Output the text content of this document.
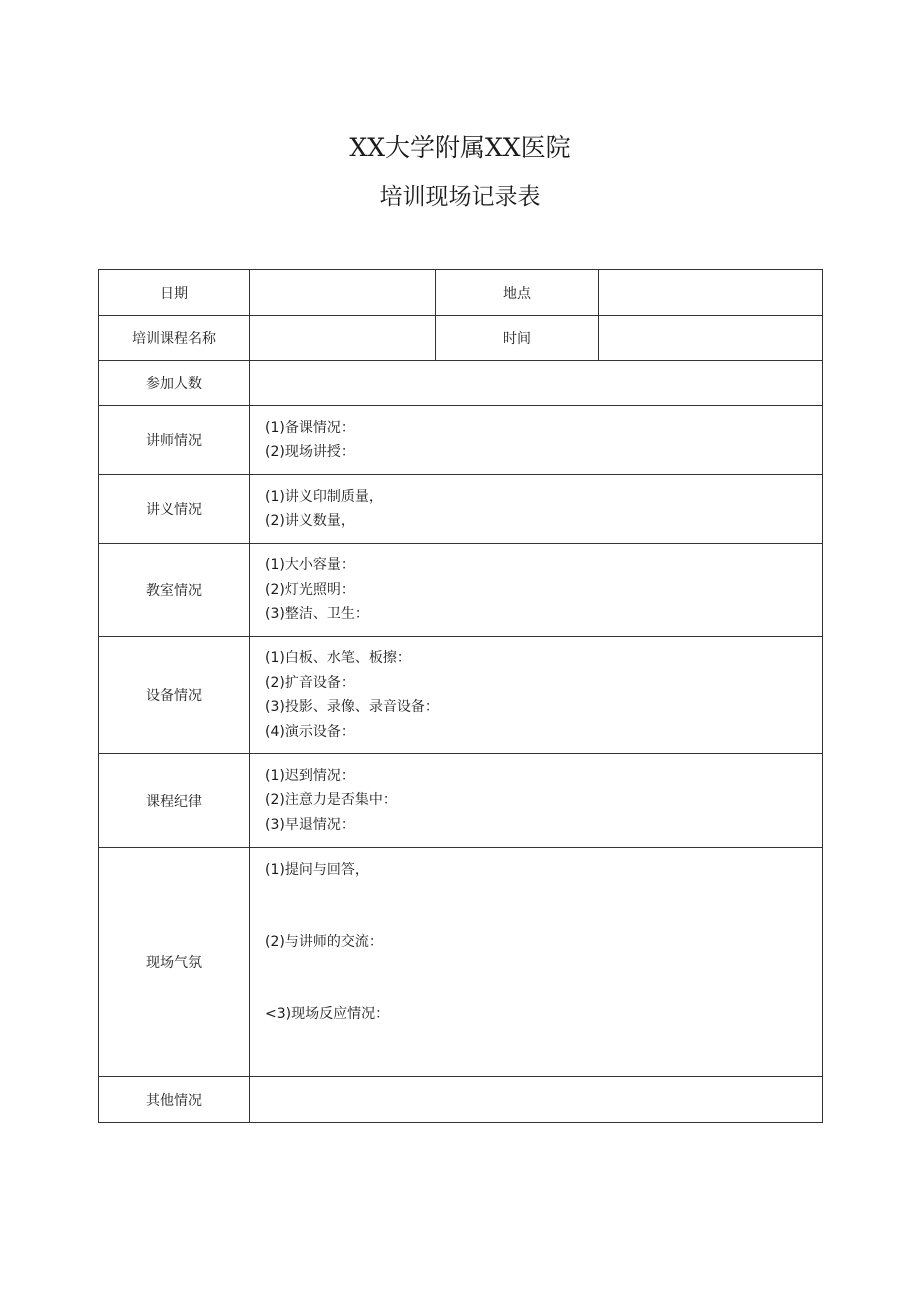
XX大学附属XX医院
培训现场记录表
日期		地点	
培训课程名称		时间	
参加人数			
讲师情况	(1)备课情况：
(2)现场讲授：		

讲义情况	(1)讲义印制质量，
(2)讲义数量，		

教室情况	(1)大小容量：
(2)灯光照明：
(3)整洁、卫生：		

设备情况	(1)白板、水笔、板擦：
(2)扩音设备：
(3)投影、录像、录音设备：
(4)演示设备：		

课程纪律	(1)迟到情况：
(2)注意力是否集中：
(3)早退情况：		

现场气氛	(1)提问与回答，
(2)与讲师的交流：
<3)现场反应情况：		

其他情况			
